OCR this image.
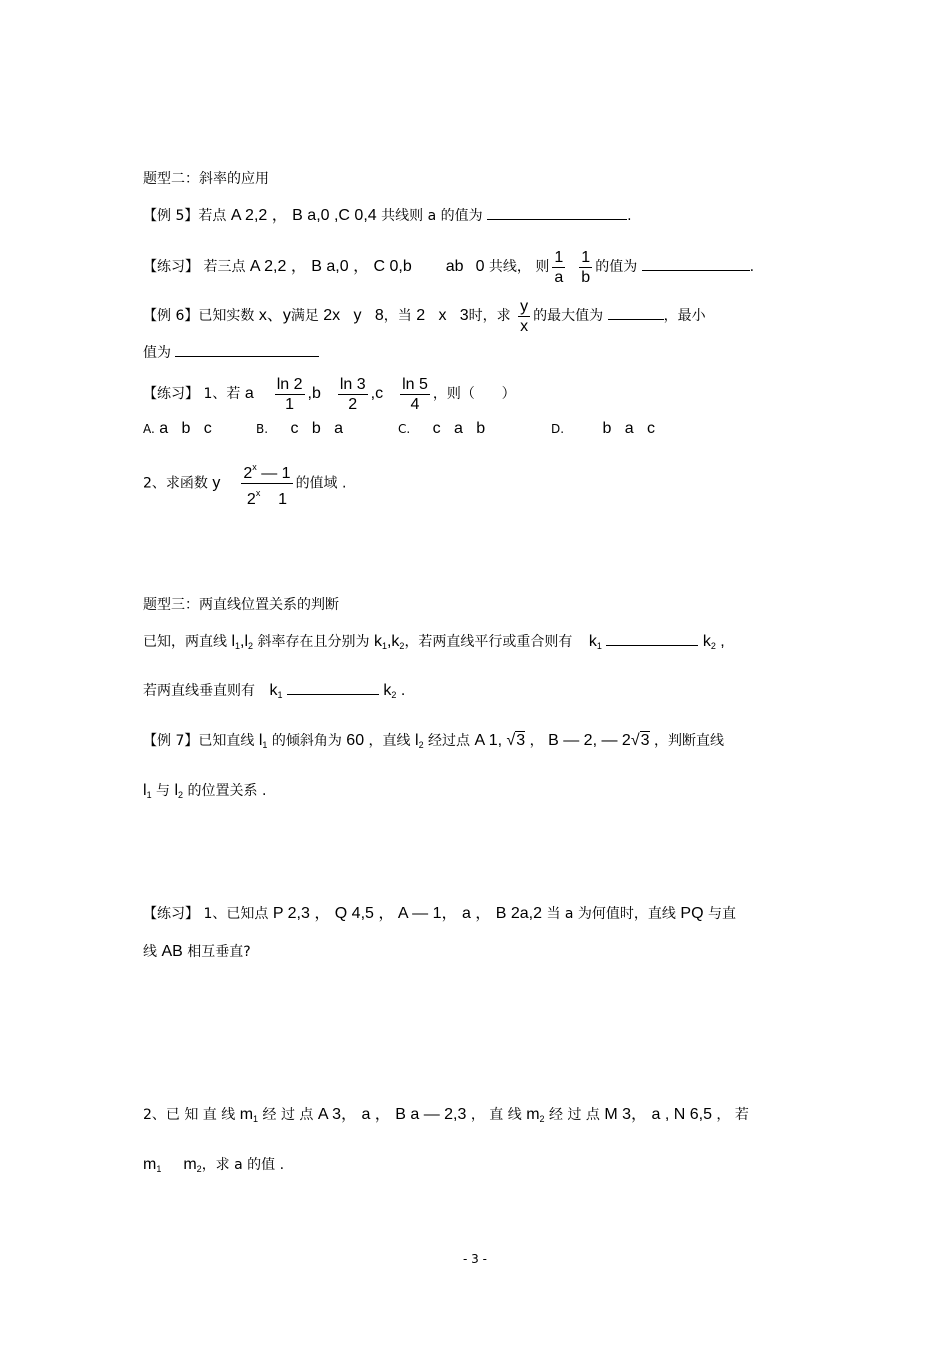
题型二：斜率的应用
【例 5】若点 A 2,2 ， B a,0 ,C 0,4 共线则 a 的值为	.
【练习】 若三点 A 2,2 ， B a,0 ， C 0,b ab 0 共线， 则 $\frac{1}{a} \frac{1}{b}$ 的值为	.
【例 6】已知实数 x、y满足 2x   y   8，当 2   x   3时，求 $\frac{y}{x}$ 的最大值为	，最小
值为
【练习】 1、若 a $\frac{\ln 2}{1} ,b \frac{\ln 3}{2} ,c \frac{\ln 5}{4}$ ，则（      ）
A. a   b   c	B. c   b   a	C. c   a   b	D. b   a   c
2、求函数 y $\frac{2^x — 1}{2^x 1}$ 的值域 .
题型三：两直线位置关系的判断
已知，两直线 $l_1,l_2$ 斜率存在且分别为 $k_1,k_2$，若两直线平行或重合则有 $k_1$	$k_2$ ,
若两直线垂直则有 $k_1$	$k_2$ .
【例 7】已知直线 $l_1$ 的倾斜角为 60 ，直线 $l_2$ 经过点 A 1, √3 ， B — 2, — 2√3 ，判断直线
$l_1$ 与 $l_2$ 的位置关系 .
【练习】 1、已知点 P 2,3 ， Q 4,5 ， A — 1， a ， B 2a,2 当 a 为何值时，直线 PQ 与直
线 AB 相互垂直?
2、已 知 直 线 $m_1$ 经 过 点 A 3， a ， B a — 2,3 ， 直 线 $m_2$ 经 过 点 M 3， a , N 6,5 ， 若
$m_1$ $m_2$，求 a 的值 .
- 3 -
